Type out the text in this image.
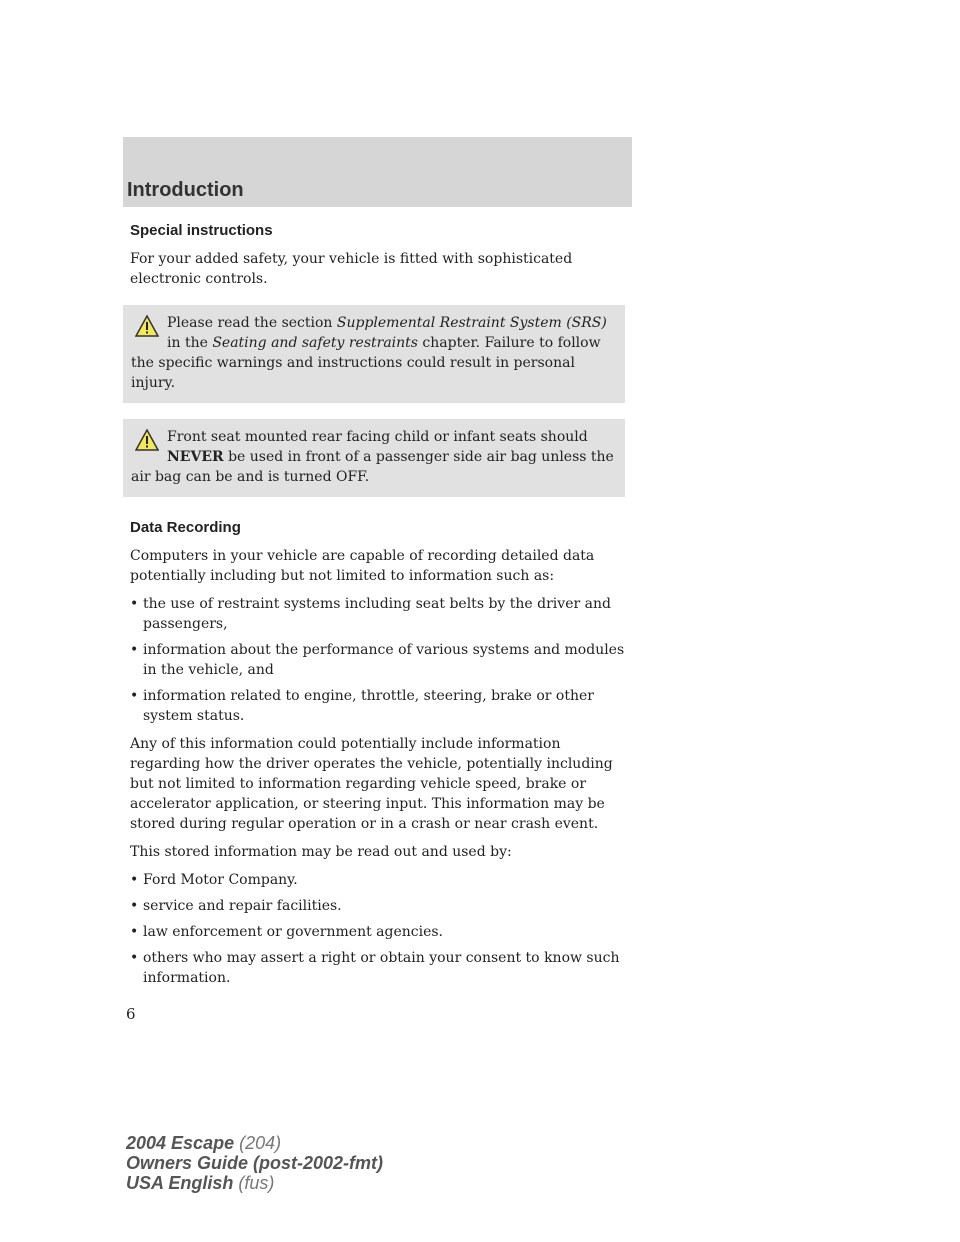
Introduction
Special instructions

For your added safety, your vehicle is fitted with sophisticated electronic controls.

Please read the section Supplemental Restraint System (SRS)
in the Seating and safety restraints chapter. Failure to follow
the specific warnings and instructions could result in personal injury.
Front seat mounted rear facing child or infant seats should
NEVER be used in front of a passenger side air bag unless the
air bag can be and is turned OFF.
Data Recording

Computers in your vehicle are capable of recording detailed data potentially including but not limited to information such as:

• the use of restraint systems including seat belts by the driver and passengers,
• information about the performance of various systems and modules in the vehicle, and
• information related to engine, throttle, steering, brake or other system status.

Any of this information could potentially include information regarding how the driver operates the vehicle, potentially including but not limited to information regarding vehicle speed, brake or accelerator application, or steering input. This information may be stored during regular operation or in a crash or near crash event.

This stored information may be read out and used by:

• Ford Motor Company.
• service and repair facilities.
• law enforcement or government agencies.
• others who may assert a right or obtain your consent to know such information.
6
2004 Escape (204)
Owners Guide (post-2002-fmt)
USA English (fus)
